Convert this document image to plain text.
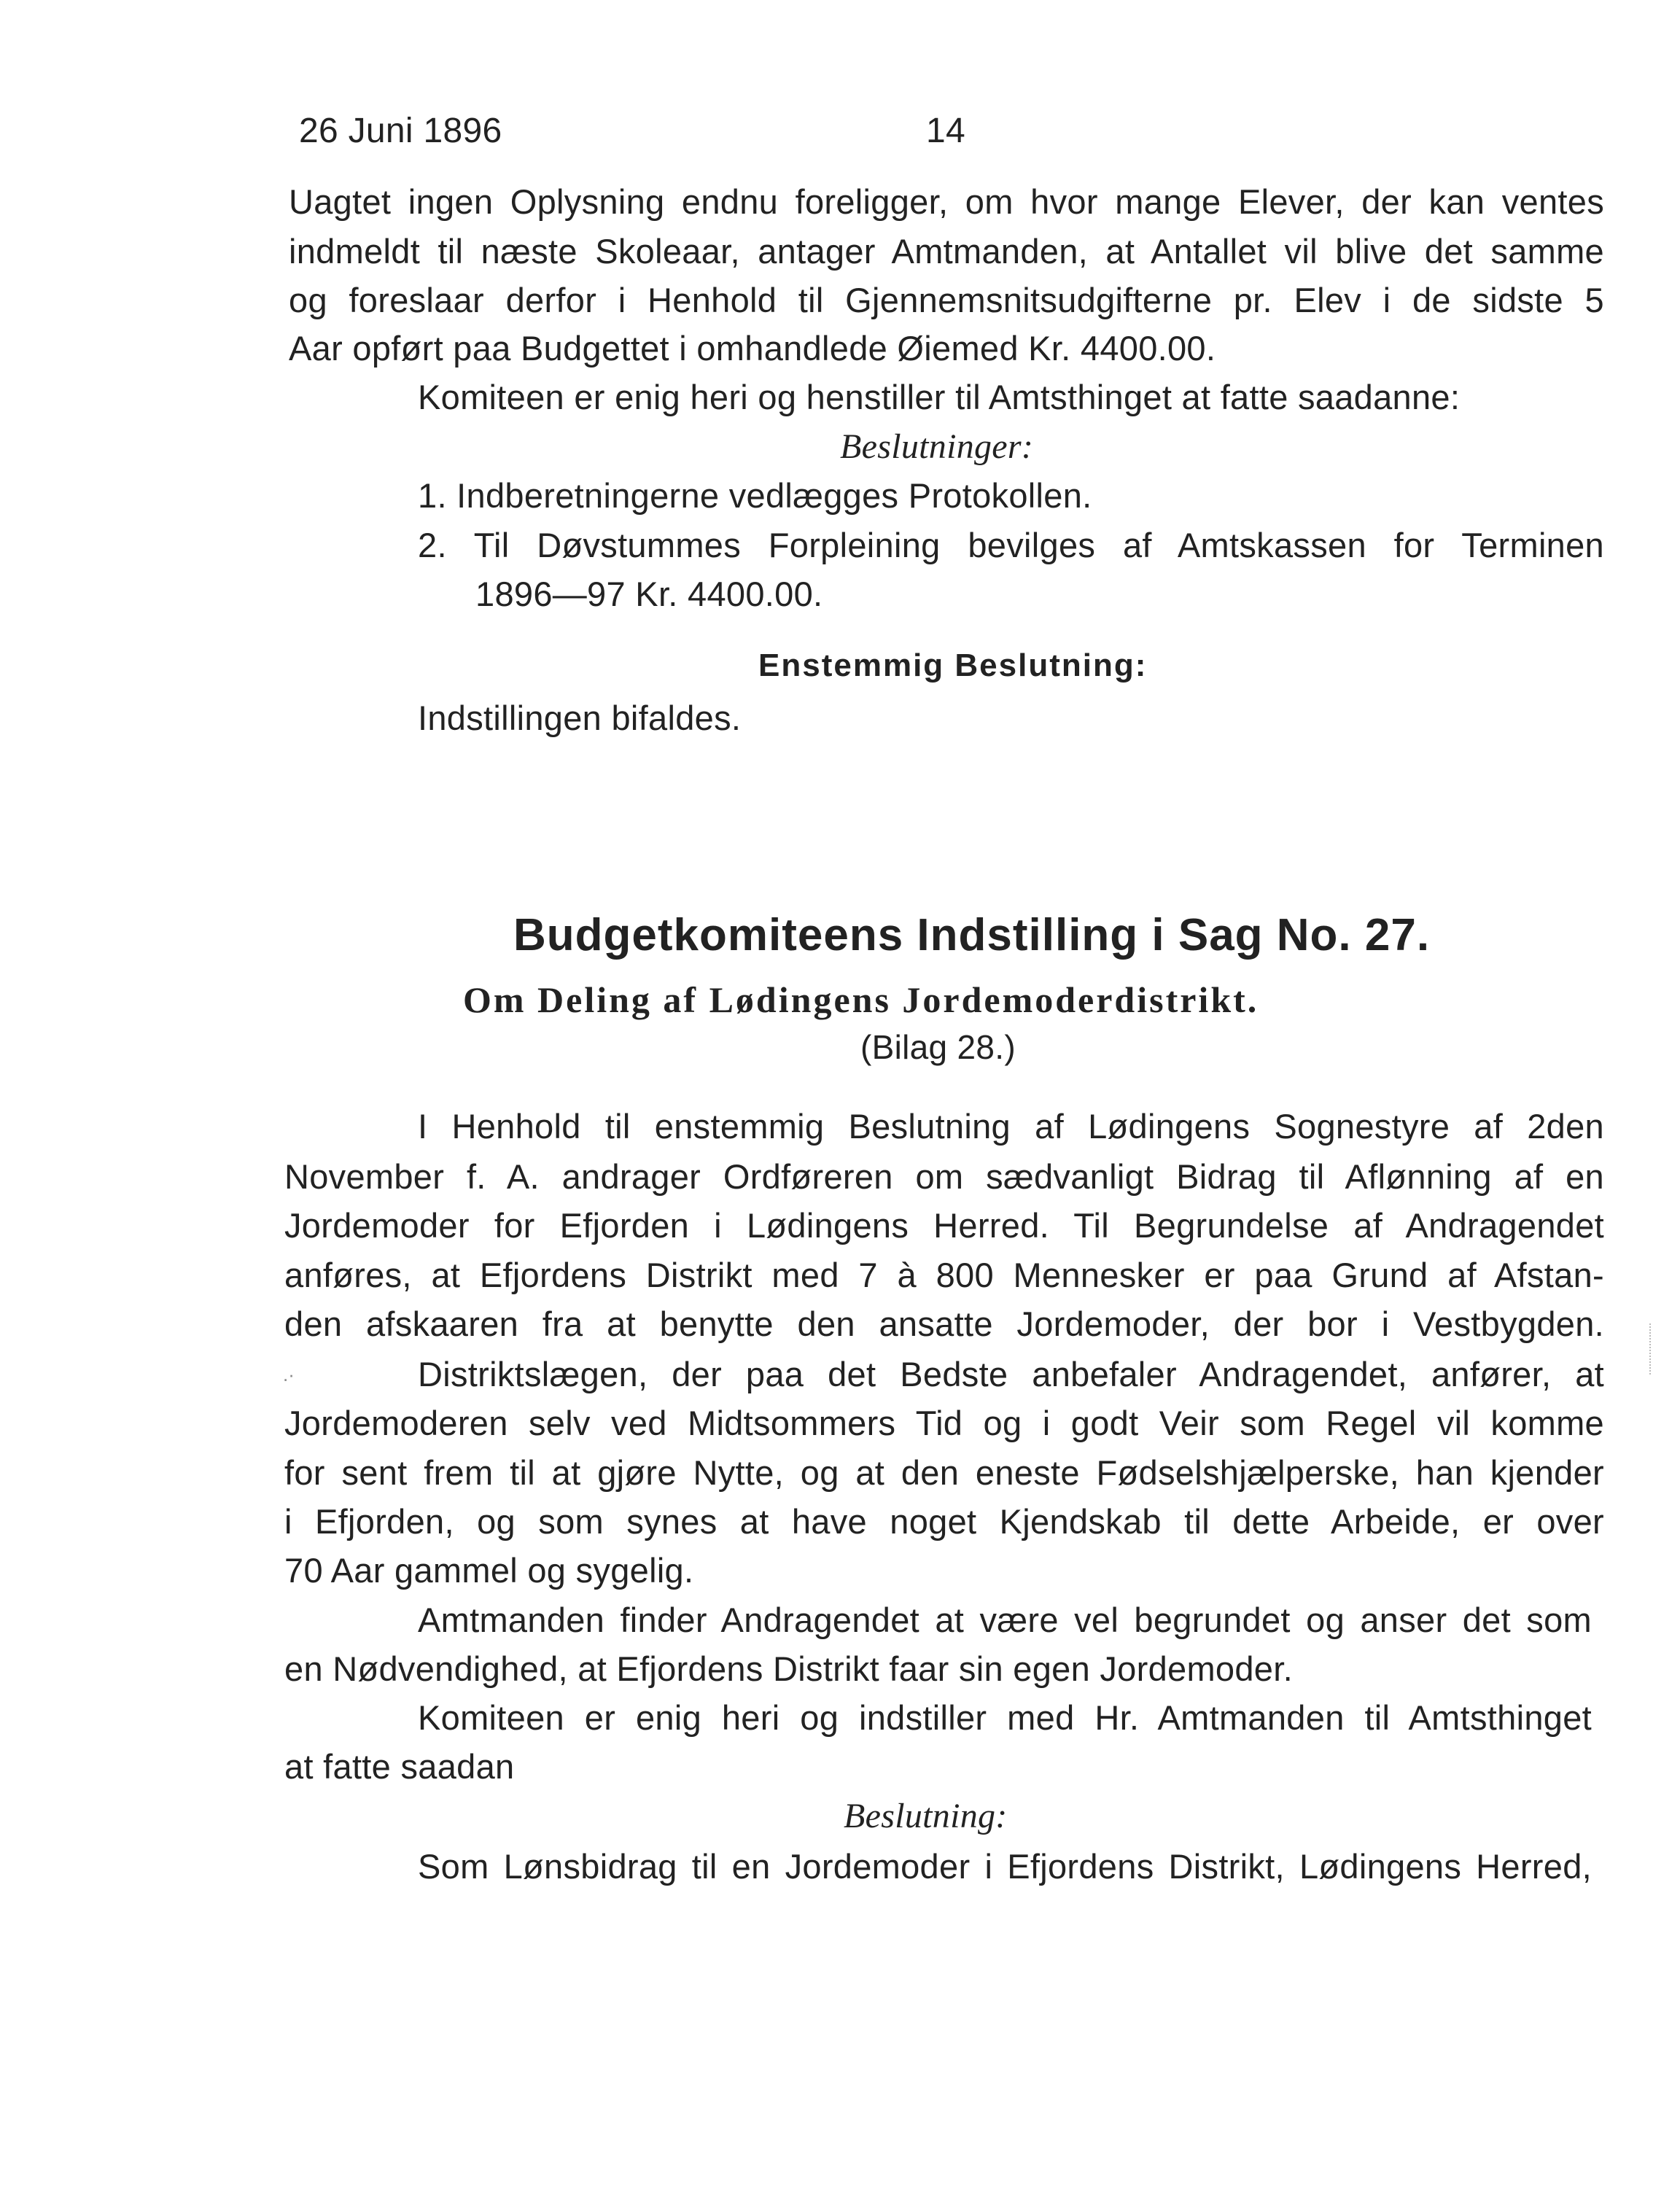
26 Juni 1896	14
Uagtet ingen Oplysning endnu foreligger, om hvor mange Elever, der kan ventes
indmeldt til næste Skoleaar, antager Amtmanden, at Antallet vil blive det samme
og foreslaar derfor i Henhold til Gjennemsnitsudgifterne pr. Elev i de sidste 5
Aar opført paa Budgettet i omhandlede Øiemed Kr. 4400.00.
Komiteen er enig heri og henstiller til Amtsthinget at fatte saadanne:
Beslutninger:
1. Indberetningerne vedlægges Protokollen.
2. Til Døvstummes Forpleining bevilges af Amtskassen for Terminen
1896—97 Kr. 4400.00.
Enstemmig Beslutning:
Indstillingen bifaldes.
Budgetkomiteens Indstilling i Sag No. 27.
Om Deling af Lødingens Jordemoderdistrikt.
(Bilag 28.)
I Henhold til enstemmig Beslutning af Lødingens Sognestyre af 2den
November f. A. andrager Ordføreren om sædvanligt Bidrag til Aflønning af en
Jordemoder for Efjorden i Lødingens Herred. Til Begrundelse af Andragendet
anføres, at Efjordens Distrikt med 7 à 800 Mennesker er paa Grund af Afstan-
den afskaaren fra at benytte den ansatte Jordemoder, der bor i Vestbygden.
.·	Distriktslægen, der paa det Bedste anbefaler Andragendet, anfører, at
Jordemoderen selv ved Midtsommers Tid og i godt Veir som Regel vil komme
for sent frem til at gjøre Nytte, og at den eneste Fødselshjælperske, han kjender
i Efjorden, og som synes at have noget Kjendskab til dette Arbeide, er over
70 Aar gammel og sygelig.
Amtmanden finder Andragendet at være vel begrundet og anser det som
en Nødvendighed, at Efjordens Distrikt faar sin egen Jordemoder.
Komiteen er enig heri og indstiller med Hr. Amtmanden til Amtsthinget
at fatte saadan
Beslutning:
Som Lønsbidrag til en Jordemoder i Efjordens Distrikt, Lødingens Herred,
